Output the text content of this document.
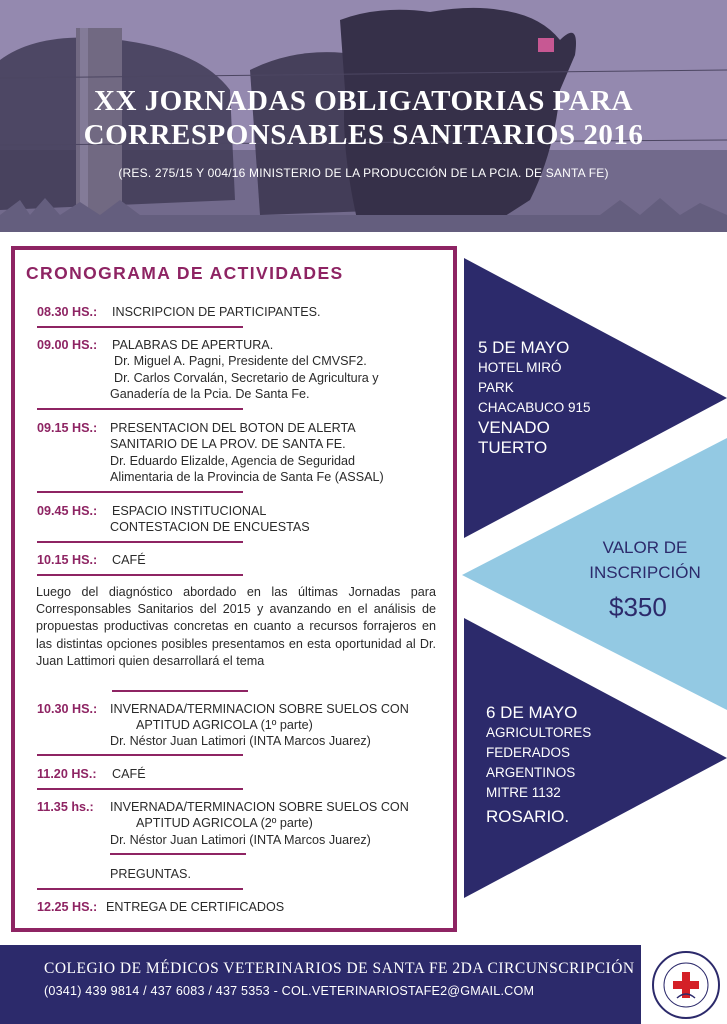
XX JORNADAS OBLIGATORIAS PARA
CORRESPONSABLES SANITARIOS 2016
(RES. 275/15 Y 004/16 MINISTERIO DE LA PRODUCCIÓN DE LA PCIA. DE SANTA FE)
CRONOGRAMA DE ACTIVIDADES
08.30 HS.: INSCRIPCION DE PARTICIPANTES.
09.00 HS.: PALABRAS DE APERTURA.
Dr. Miguel A. Pagni, Presidente del CMVSF2.
Dr. Carlos Corvalán, Secretario de Agricultura y
Ganadería de la Pcia. De Santa Fe.
09.15 HS.: PRESENTACION DEL BOTON DE ALERTA
SANITARIO DE LA PROV. DE SANTA FE.
Dr. Eduardo Elizalde, Agencia de Seguridad
Alimentaria de la Provincia de Santa Fe (ASSAL)
09.45 HS.: ESPACIO INSTITUCIONAL
CONTESTACION DE ENCUESTAS
10.15 HS.: CAFÉ
Luego del diagnóstico abordado en las últimas Jornadas para Corresponsables Sanitarios del 2015 y avanzando en el análisis de propuestas productivas concretas en cuanto a recursos forrajeros en las distintas opciones posibles presentamos en esta oportunidad al Dr. Juan Lattimori quien desarrollará el tema
10.30 HS.: INVERNADA/TERMINACION SOBRE SUELOS CON
APTITUD AGRICOLA (1º parte)
Dr. Néstor Juan Latimori (INTA Marcos Juarez)
11.20 HS.: CAFÉ
11.35 hs.: INVERNADA/TERMINACION SOBRE SUELOS CON
APTITUD AGRICOLA (2º parte)
Dr. Néstor Juan Latimori (INTA Marcos Juarez)
PREGUNTAS.
12.25 HS.: ENTREGA DE CERTIFICADOS
5 DE MAYO
HOTEL MIRÓ
PARK
CHACABUCO 915
VENADO
TUERTO
VALOR DE
INSCRIPCIÓN
$350
6 DE MAYO
AGRICULTORES
FEDERADOS
ARGENTINOS
MITRE 1132
ROSARIO.
COLEGIO DE MÉDICOS VETERINARIOS DE SANTA FE 2DA CIRCUNSCRIPCIÓN
(0341) 439 9814 / 437 6083 / 437 5353 - COL.VETERINARIOSTAFE2@GMAIL.COM
